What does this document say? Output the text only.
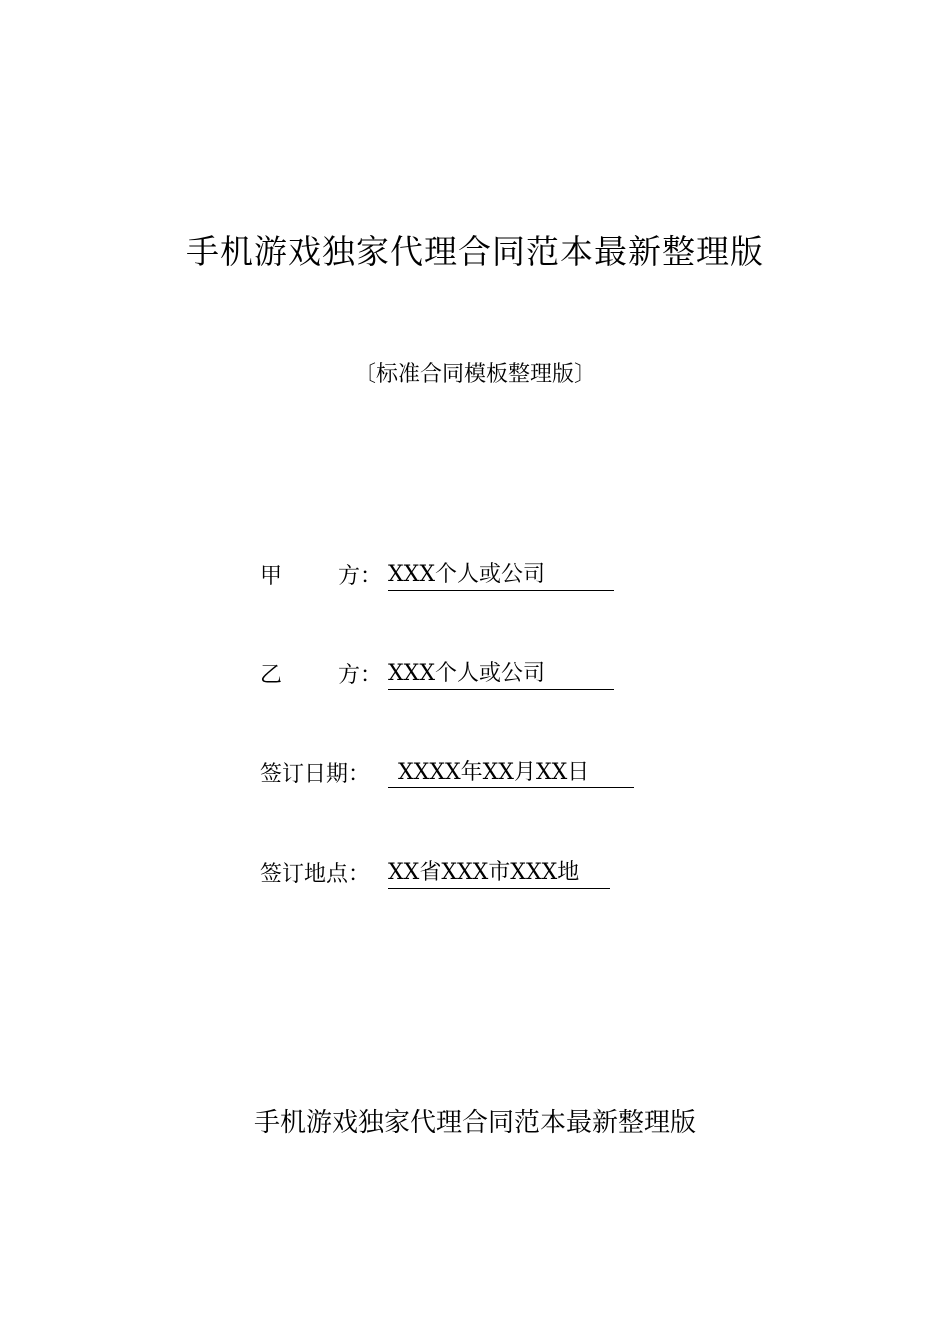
手机游戏独家代理合同范本最新整理版
〔标准合同模板整理版〕
甲	方： XXX个人或公司
乙	方： XXX个人或公司
签订日期： XXXX年XX月XX日
签订地点： XX省XXX市XXX地
手机游戏独家代理合同范本最新整理版
